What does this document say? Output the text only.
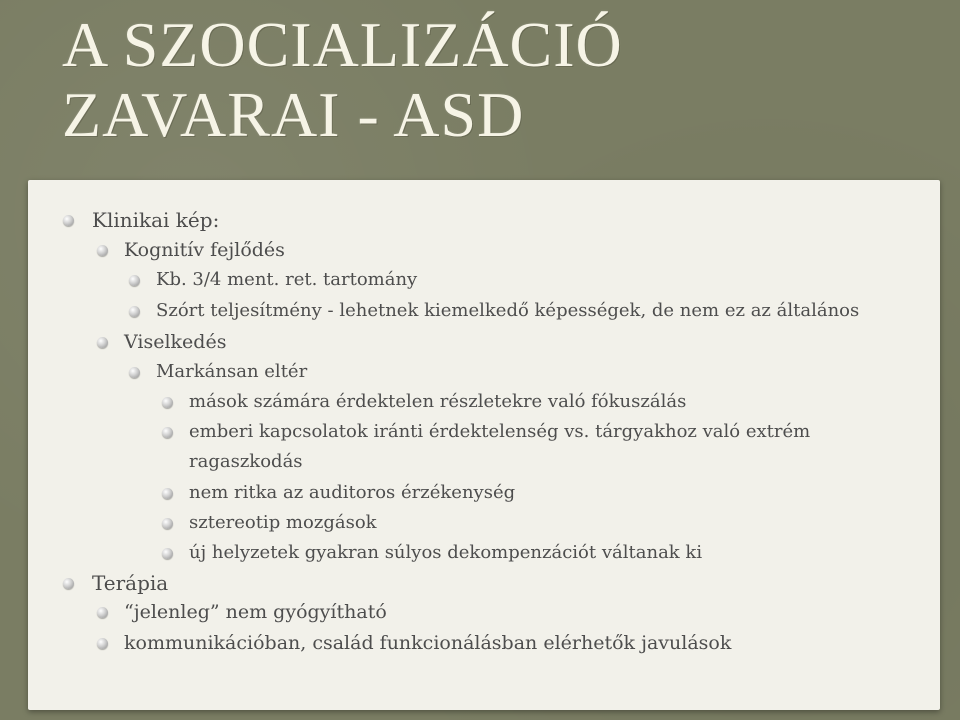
A SZOCIALIZÁCIÓ
ZAVARAI - ASD

Klinikai kép:

Kognitív fejlődés

Kb. 3/4 ment. ret. tartomány

Szórt teljesítmény - lehetnek kiemelkedő képességek, de nem ez az általános

Viselkedés

Markánsan eltér

mások számára érdektelen részletekre való fókuszálás

emberi kapcsolatok iránti érdektelenség vs. tárgyakhoz való extrém

ragaszkodás

nem ritka az auditoros érzékenység

sztereotip mozgások

új helyzetek gyakran súlyos dekompenzációt váltanak ki

Terápia

“jelenleg” nem gyógyítható

kommunikációban, család funkcionálásban elérhetők javulások
